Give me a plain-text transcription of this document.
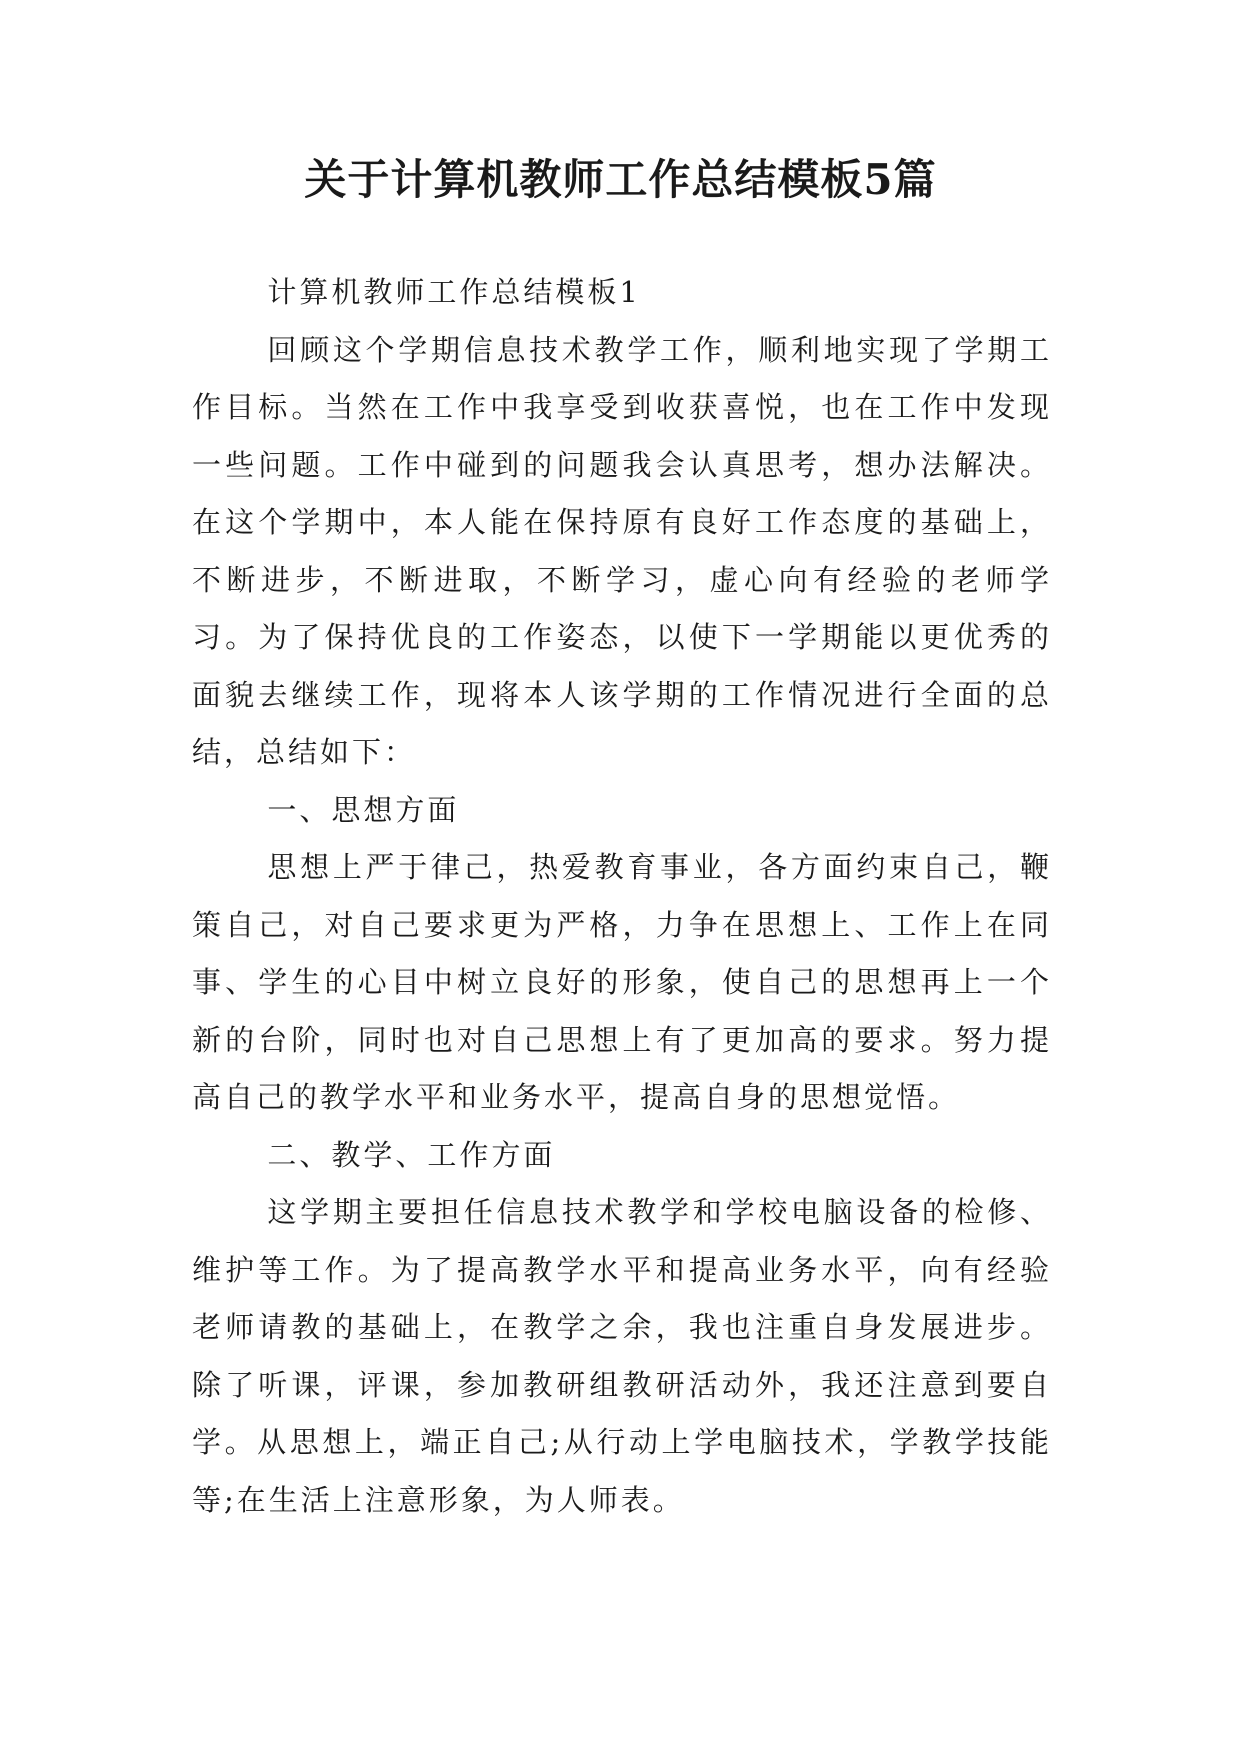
关于计算机教师工作总结模板5篇

计算机教师工作总结模板1

回顾这个学期信息技术教学工作，顺利地实现了学期工作目标。当然在工作中我享受到收获喜悦，也在工作中发现一些问题。工作中碰到的问题我会认真思考，想办法解决。在这个学期中，本人能在保持原有良好工作态度的基础上，不断进步，不断进取，不断学习，虚心向有经验的老师学习。为了保持优良的工作姿态，以使下一学期能以更优秀的面貌去继续工作，现将本人该学期的工作情况进行全面的总结，总结如下：

一、思想方面

思想上严于律己，热爱教育事业，各方面约束自己，鞭策自己，对自己要求更为严格，力争在思想上、工作上在同事、学生的心目中树立良好的形象，使自己的思想再上一个新的台阶，同时也对自己思想上有了更加高的要求。努力提高自己的教学水平和业务水平，提高自身的思想觉悟。

二、教学、工作方面

这学期主要担任信息技术教学和学校电脑设备的检修、维护等工作。为了提高教学水平和提高业务水平，向有经验老师请教的基础上，在教学之余，我也注重自身发展进步。除了听课，评课，参加教研组教研活动外，我还注意到要自学。从思想上，端正自己;从行动上学电脑技术，学教学技能等;在生活上注意形象，为人师表。
